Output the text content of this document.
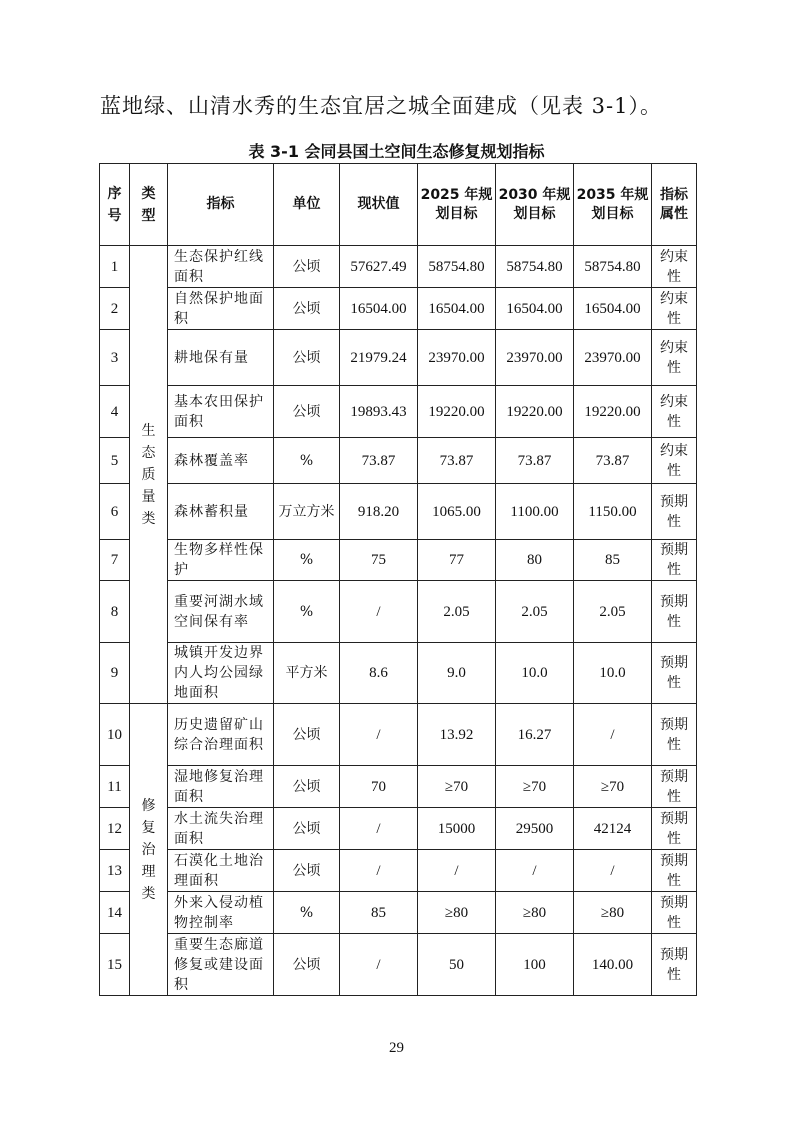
蓝地绿、山清水秀的生态宜居之城全面建成（见表 3-1）。
表 3-1 会同县国土空间生态修复规划指标
序号	类型	指标	单位	现状值	2025 年规划目标	2030 年规划目标	2035 年规划目标	指标属性
1	生态质量类	生态保护红线面积	公顷	57627.49	58754.80	58754.80	58754.80	约束性
2		自然保护地面积	公顷	16504.00	16504.00	16504.00	16504.00	约束性
3		耕地保有量	公顷	21979.24	23970.00	23970.00	23970.00	约束性
4		基本农田保护面积	公顷	19893.43	19220.00	19220.00	19220.00	约束性
5		森林覆盖率	%	73.87	73.87	73.87	73.87	约束性
6		森林蓄积量	万立方米	918.20	1065.00	1100.00	1150.00	预期性
7		生物多样性保护	%	75	77	80	85	预期性
8		重要河湖水域空间保有率	%	/	2.05	2.05	2.05	预期性
9		城镇开发边界内人均公园绿地面积	平方米	8.6	9.0	10.0	10.0	预期性
10	修复治理类	历史遗留矿山综合治理面积	公顷	/	13.92	16.27	/	预期性
11		湿地修复治理面积	公顷	70	≥70	≥70	≥70	预期性
12		水土流失治理面积	公顷	/	15000	29500	42124	预期性
13		石漠化土地治理面积	公顷	/	/	/	/	预期性
14		外来入侵动植物控制率	%	85	≥80	≥80	≥80	预期性
15		重要生态廊道修复或建设面积	公顷	/	50	100	140.00	预期性
29
